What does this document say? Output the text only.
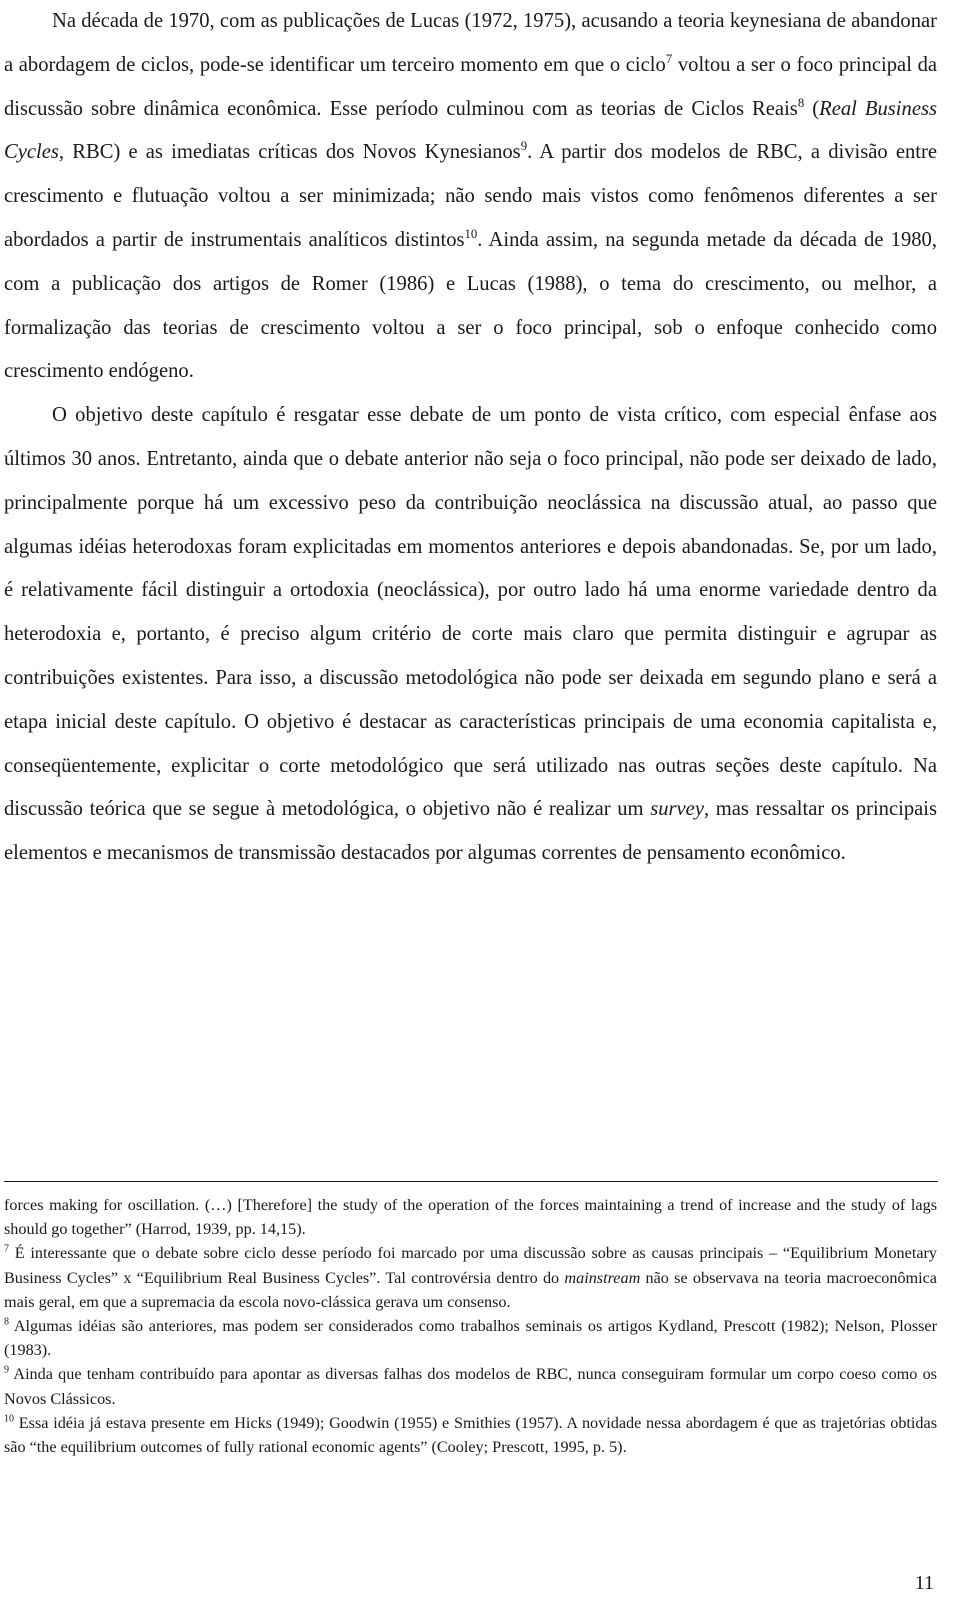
Na década de 1970, com as publicações de Lucas (1972, 1975), acusando a teoria keynesiana de abandonar a abordagem de ciclos, pode-se identificar um terceiro momento em que o ciclo$^7$ voltou a ser o foco principal da discussão sobre dinâmica econômica. Esse período culminou com as teorias de Ciclos Reais$^8$ (Real Business Cycles, RBC) e as imediatas críticas dos Novos Kynesianos$^9$. A partir dos modelos de RBC, a divisão entre crescimento e flutuação voltou a ser minimizada; não sendo mais vistos como fenômenos diferentes a ser abordados a partir de instrumentais analíticos distintos$^{10}$. Ainda assim, na segunda metade da década de 1980, com a publicação dos artigos de Romer (1986) e Lucas (1988), o tema do crescimento, ou melhor, a formalização das teorias de crescimento voltou a ser o foco principal, sob o enfoque conhecido como crescimento endógeno.

O objetivo deste capítulo é resgatar esse debate de um ponto de vista crítico, com especial ênfase aos últimos 30 anos. Entretanto, ainda que o debate anterior não seja o foco principal, não pode ser deixado de lado, principalmente porque há um excessivo peso da contribuição neoclássica na discussão atual, ao passo que algumas idéias heterodoxas foram explicitadas em momentos anteriores e depois abandonadas. Se, por um lado, é relativamente fácil distinguir a ortodoxia (neoclássica), por outro lado há uma enorme variedade dentro da heterodoxia e, portanto, é preciso algum critério de corte mais claro que permita distinguir e agrupar as contribuições existentes. Para isso, a discussão metodológica não pode ser deixada em segundo plano e será a etapa inicial deste capítulo. O objetivo é destacar as características principais de uma economia capitalista e, conseqüentemente, explicitar o corte metodológico que será utilizado nas outras seções deste capítulo. Na discussão teórica que se segue à metodológica, o objetivo não é realizar um survey, mas ressaltar os principais elementos e mecanismos de transmissão destacados por algumas correntes de pensamento econômico.

forces making for oscillation. (…) [Therefore] the study of the operation of the forces maintaining a trend of increase and the study of lags should go together” (Harrod, 1939, pp. 14,15).

$^7$ É interessante que o debate sobre ciclo desse período foi marcado por uma discussão sobre as causas principais – “Equilibrium Monetary Business Cycles” x “Equilibrium Real Business Cycles”. Tal controvérsia dentro do mainstream não se observava na teoria macroeconômica mais geral, em que a supremacia da escola novo-clássica gerava um consenso.

$^8$ Algumas idéias são anteriores, mas podem ser considerados como trabalhos seminais os artigos Kydland, Prescott (1982); Nelson, Plosser (1983).

$^9$ Ainda que tenham contribuído para apontar as diversas falhas dos modelos de RBC, nunca conseguiram formular um corpo coeso como os Novos Clássicos.

$^{10}$ Essa idéia já estava presente em Hicks (1949); Goodwin (1955) e Smithies (1957). A novidade nessa abordagem é que as trajetórias obtidas são “the equilibrium outcomes of fully rational economic agents” (Cooley; Prescott, 1995, p. 5).

11
